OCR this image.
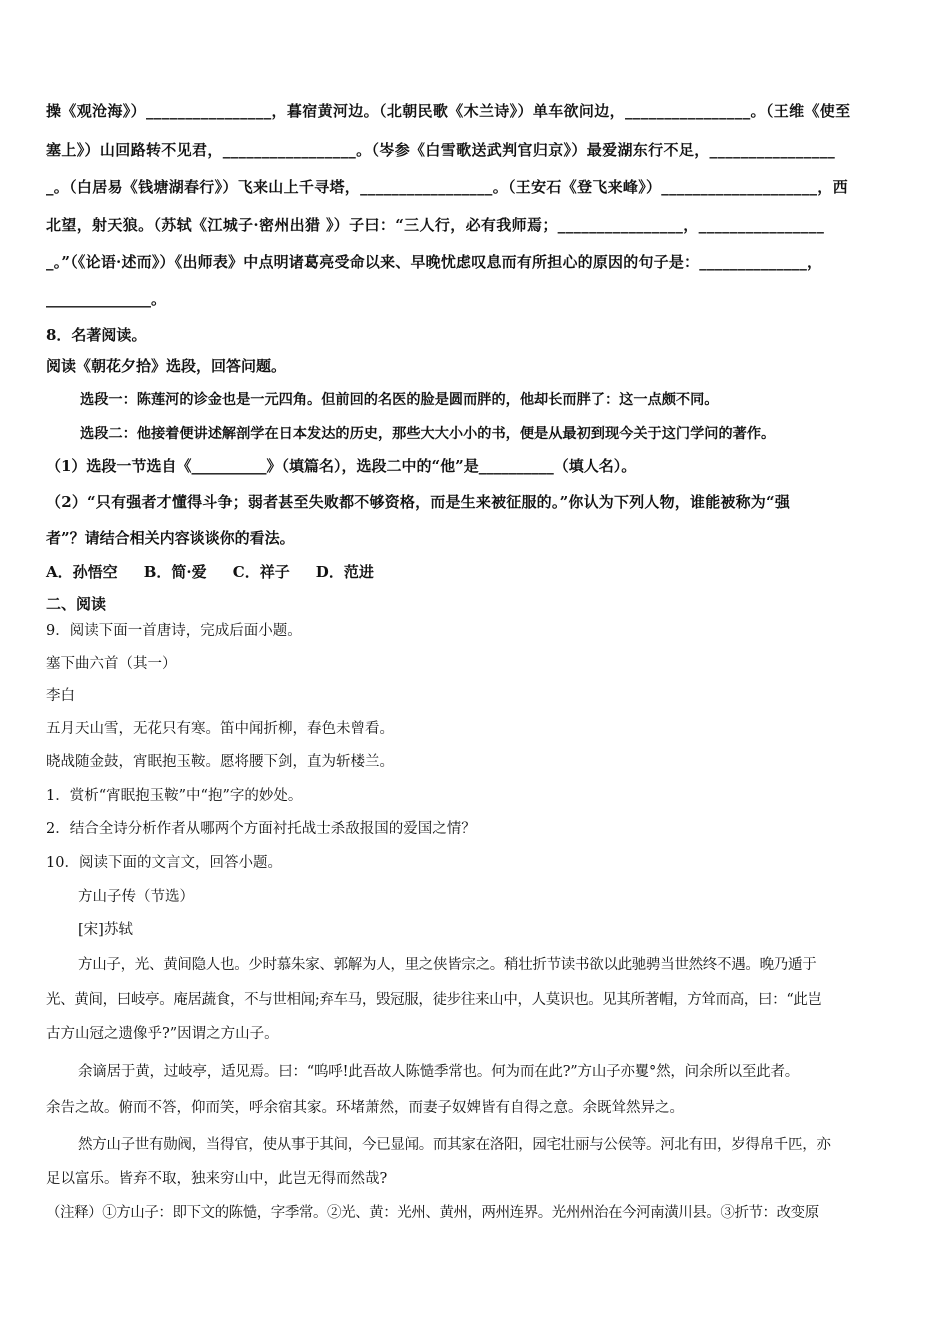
操《观沧海》）________________，暮宿黄河边。（北朝民歌《木兰诗》）单车欲问边，________________。（王维《使至
塞上》）山回路转不见君，_________________。（岑参《白雪歌送武判官归京》）最爱湖东行不足，________________
_。（白居易《钱塘湖春行》）飞来山上千寻塔，_________________。（王安石《登飞来峰》）____________________，西
北望，射天狼。（苏轼《江城子·密州出猎 》）子曰：“三人行，必有我师焉；________________，________________
_。”（《论语·述而》）《出师表》中点明诸葛亮受命以来、早晚忧虑叹息而有所担心的原因的句子是：______________，
______________。
8．名著阅读。
阅读《朝花夕拾》选段，回答问题。
选段一：陈莲河的诊金也是一元四角。但前回的名医的脸是圆而胖的，他却长而胖了：这一点颇不同。
选段二：他接着便讲述解剖学在日本发达的历史，那些大大小小的书，便是从最初到现今关于这门学问的著作。
（1）选段一节选自《__________》（填篇名），选段二中的“他”是__________（填人名）。
（2）“只有强者才懂得斗争；弱者甚至失败都不够资格，而是生来被征服的。”你认为下列人物，谁能被称为“强
者”？请结合相关内容谈谈你的看法。
A．孙悟空     B．简·爱     C．祥子     D．范进
二、阅读
9．阅读下面一首唐诗，完成后面小题。
塞下曲六首（其一）
李白
五月天山雪，无花只有寒。笛中闻折柳，春色未曾看。
晓战随金鼓，宵眠抱玉鞍。愿将腰下剑，直为斩楼兰。
1．赏析“宵眠抱玉鞍”中“抱”字的妙处。
2．结合全诗分析作者从哪两个方面衬托战士杀敌报国的爱国之情？
10．阅读下面的文言文，回答小题。
方山子传（节选）
[宋]苏轼
方山子，光、黄间隐人也。少时慕朱家、郭解为人，里之侠皆宗之。稍壮折节读书欲以此驰骋当世然终不遇。晚乃遁于
光、黄间，曰岐亭。庵居蔬食，不与世相闻;弃车马，毁冠服，徒步往来山中，人莫识也。见其所著帽，方耸而高，曰：“此岂
古方山冠之遗像乎?”因谓之方山子。
余谪居于黄，过岐亭，适见焉。曰：“呜呼!此吾故人陈慥季常也。何为而在此?”方山子亦矍°然，问余所以至此者。
余告之故。俯而不答，仰而笑，呼余宿其家。环堵萧然，而妻子奴婢皆有自得之意。余既耸然异之。
然方山子世有勋阀，当得官，使从事于其间，今已显闻。而其家在洛阳，园宅壮丽与公侯等。河北有田，岁得帛千匹，亦
足以富乐。皆弃不取，独来穷山中，此岂无得而然哉?
（注释）①方山子：即下文的陈慥，字季常。②光、黄：光州、黄州，两州连界。光州州治在今河南潢川县。③折节：改变原
